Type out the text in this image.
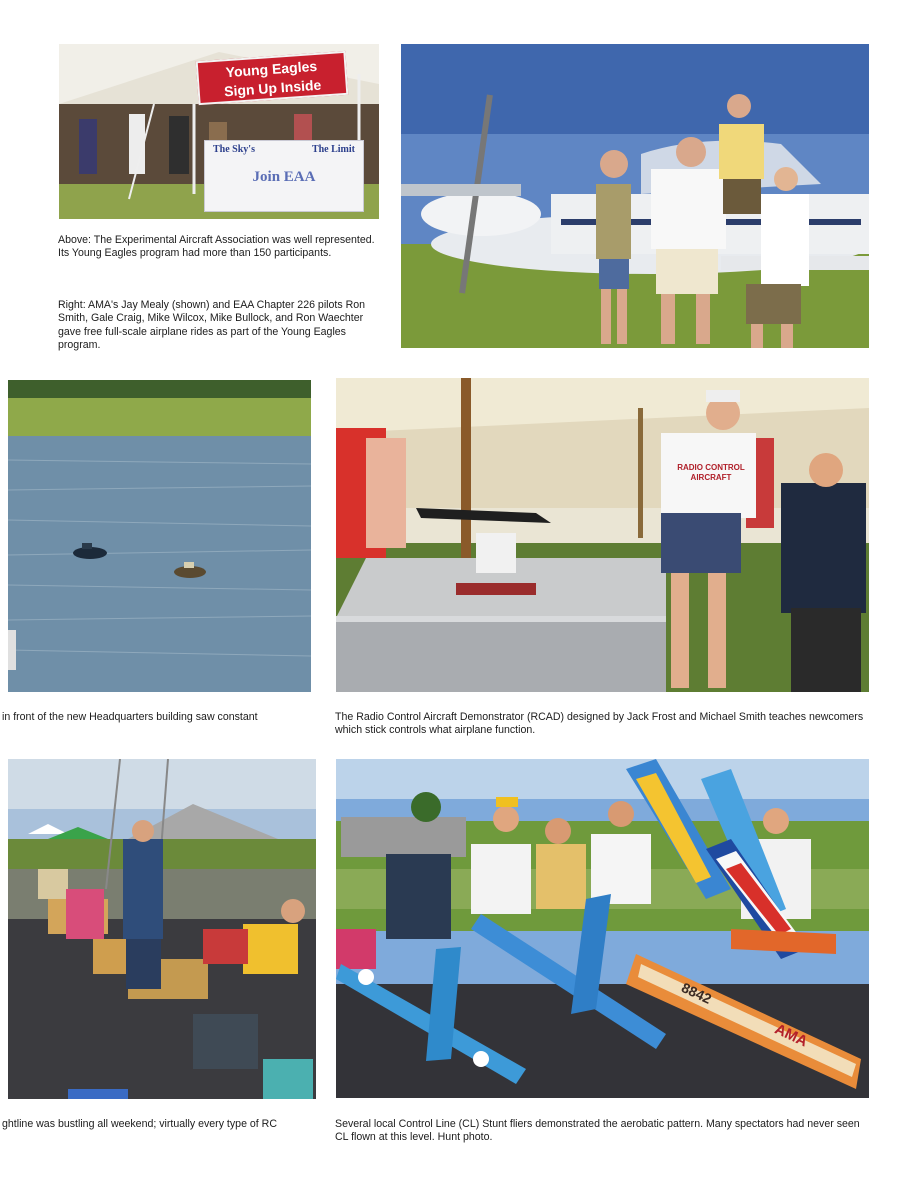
Young Eagles
Sign Up Inside
The Sky's	The Limit
Join EAA

Above: The Experimental Aircraft Association was well represented. Its Young Eagles program had more than 150 participants.

Right: AMA's Jay Mealy (shown) and EAA Chapter 226 pilots Ron Smith, Gale Craig, Mike Wilcox, Mike Bullock, and Ron Waechter gave free full-scale airplane rides as part of the Young Eagles program.

in front of the new Headquarters building saw constant

RADIO CONTROL AIRCRAFT

The Radio Control Aircraft Demonstrator (RCAD) designed by Jack Frost and Michael Smith teaches newcomers which stick controls what airplane function.

ghtline was bustling all weekend; virtually every type of RC

8842
AMA

Several local Control Line (CL) Stunt fliers demonstrated the aerobatic pattern. Many spectators had never seen CL flown at this level. Hunt photo.
